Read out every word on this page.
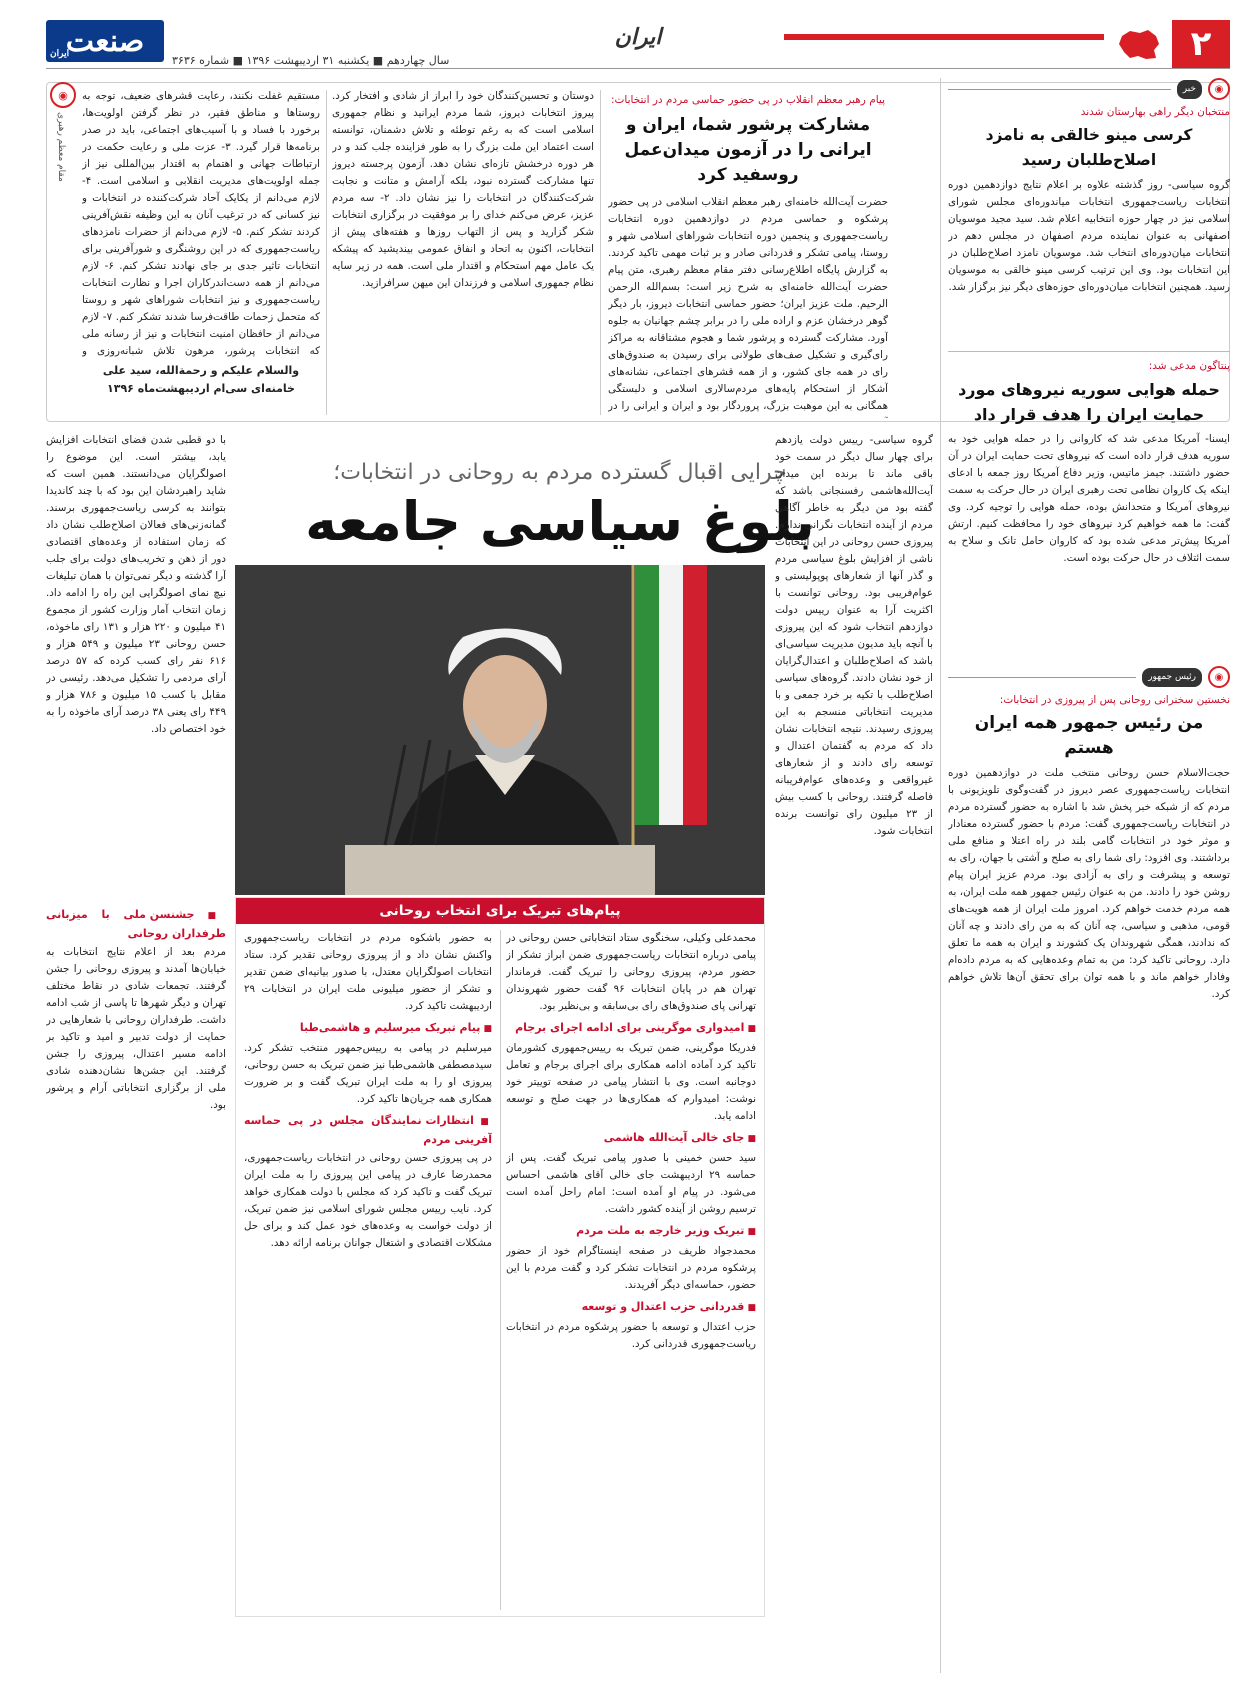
۲
ایران
صنعت
ایران	سال چهاردهم ■ یکشنبه ۳۱ اردیبهشت ۱۳۹۶ ■ شماره ۳۶۳۶
◉
مقام معظم رهبری
پیام رهبر معظم انقلاب در پی حضور حماسی مردم در انتخابات:
مشارکت پرشور شما، ایران و ایرانی را در آزمون میدان‌عمل روسفید کرد

حضرت آیت‌الله خامنه‌ای رهبر معظم انقلاب اسلامی در پی حضور پرشکوه و حماسی مردم در دوازدهمین دوره انتخابات ریاست‌جمهوری و پنجمین دوره انتخابات شوراهای اسلامی شهر و روستا، پیامی تشکر و قدردانی صادر و بر ثبات مهمی تاکید کردند. به گزارش پایگاه اطلاع‌رسانی دفتر مقام معظم رهبری، متن پیام حضرت آیت‌الله خامنه‌ای به شرح زیر است: بسم‌الله الرحمن الرحیم. ملت عزیز ایران؛ حضور حماسی انتخابات دیروز، بار دیگر گوهر درخشان عزم و اراده ملی را در برابر چشم جهانیان به جلوه آورد. مشارکت گسترده و پرشور شما و هجوم مشتاقانه به مراکز رای‌گیری و تشکیل صف‌های طولانی برای رسیدن به صندوق‌های رای در همه جای کشور، و از همه قشرهای اجتماعی، نشانه‌های آشکار از استحکام پایه‌های مردم‌سالاری اسلامی و دلبستگی همگانی به این موهبت بزرگ، پروردگار بود و ایران و ایرانی را در

دوستان و تحسین‌کنندگان خود را ابراز از شادی و افتخار کرد. پیروز انتخابات دیروز، شما مردم ایرانید و نظام جمهوری اسلامی است که به رغم توطئه و تلاش دشمنان، توانسته است اعتماد این ملت بزرگ را به طور فزاینده جلب کند و در هر دوره درخشش تازه‌ای نشان دهد. آزمون پرجسته دیروز تنها مشارکت گسترده نبود، بلکه آرامش و متانت و نجابت شرکت‌کنندگان در انتخابات را نیز نشان داد. ۲- سه مردم عزیز، عرض می‌کنم خدای را بر موفقیت در برگزاری انتخابات شکر گزارید و پس از التهاب روزها و هفته‌های پیش از انتخابات، اکنون به اتحاد و انفاق عمومی بیندیشید که پیشکه یک عامل مهم استحکام و اقتدار ملی است. همه در زیر سایه نظام جمهوری اسلامی و فرزندان این میهن سرافرازید.

مستقیم غفلت نکنند، رعایت قشرهای ضعیف، توجه به روستاها و مناطق فقیر، در نظر گرفتن اولویت‌ها، برخورد با فساد و با آسیب‌های اجتماعی، باید در صدر برنامه‌ها قرار گیرد. ۳- عزت ملی و رعایت حکمت در ارتباطات جهانی و اهتمام به اقتدار بین‌المللی نیز از جمله اولویت‌های مدیریت انقلابی و اسلامی است. ۴- لازم می‌دانم از یکایک آحاد شرکت‌کننده در انتخابات و نیز کسانی که در ترغیب آنان به این وظیفه نقش‌آفرینی کردند تشکر کنم. ۵- لازم می‌دانم از حضرات نامزدهای ریاست‌جمهوری که در این روشنگری و شورآفرینی برای انتخابات تاثیر جدی بر جای نهادند تشکر کنم. ۶- لازم می‌دانم از همه دست‌اندرکاران اجرا و نظارت انتخابات ریاست‌جمهوری و نیز انتخابات شوراهای شهر و روستا که متحمل زحمات طاقت‌فرسا شدند تشکر کنم. ۷- لازم می‌دانم از حافظان امنیت انتخابات و نیز از رسانه ملی که انتخابات پرشور، مرهون تلاش شبانه‌روزی و

والسلام علیکم و رحمة‌الله، سید علی خامنه‌ای سی‌ام اردیبهشت‌ماه ۱۳۹۶
◉
خبر
منتخبان دیگر راهی بهارستان شدند
کرسی مینو خالقی به نامزد اصلاح‌طلبان رسید

گروه سیاسی- روز گذشته علاوه بر اعلام نتایج دوازدهمین دوره انتخابات ریاست‌جمهوری انتخابات میاندوره‌ای مجلس شورای اسلامی نیز در چهار حوزه انتخابیه اعلام شد. سید مجید موسویان اصفهانی به عنوان نماینده مردم اصفهان در مجلس دهم در انتخابات میان‌دوره‌ای انتخاب شد. موسویان نامزد اصلاح‌طلبان در این انتخابات بود. وی این ترتیب کرسی مینو خالقی به موسویان رسید. همچنین انتخابات میان‌دوره‌ای حوزه‌های دیگر نیز برگزار شد.

پنتاگون مدعی شد:
حمله هوایی سوریه نیروهای مورد حمایت ایران را هدف قرار داد

ایسنا- آمریکا مدعی شد که کاروانی را در حمله هوایی خود به سوریه هدف قرار داده است که نیروهای تحت حمایت ایران در آن حضور داشتند. جیمز ماتیس، وزیر دفاع آمریکا روز جمعه با ادعای اینکه یک کاروان نظامی تحت رهبری ایران در حال حرکت به سمت نیروهای آمریکا و متحدانش بوده، حمله هوایی را توجیه کرد. وی گفت: ما همه خواهیم کرد نیروهای خود را محافظت کنیم. ارتش آمریکا پیش‌تر مدعی شده بود که کاروان حامل تانک و سلاح به سمت ائتلاف در حال حرکت بوده است.

◉
رئیس جمهور
نخستین سخنرانی روحانی پس از پیروزی در انتخابات:
من رئیس جمهور همه ایران هستم

حجت‌الاسلام حسن روحانی منتخب ملت در دوازدهمین دوره انتخابات ریاست‌جمهوری عصر دیروز در گفت‌وگوی تلویزیونی با مردم که از شبکه خبر پخش شد با اشاره به حضور گسترده مردم در انتخابات ریاست‌جمهوری گفت: مردم با حضور گسترده معنادار و موثر خود در انتخابات گامی بلند در راه اعتلا و منافع ملی برداشتند. وی افزود: رای شما رای به صلح و آشتی با جهان، رای به توسعه و پیشرفت و رای به آزادی بود. مردم عزیز ایران پیام روشن خود را دادند. من به عنوان رئیس جمهور همه ملت ایران، به همه مردم خدمت خواهم کرد. امروز ملت ایران از همه هویت‌های قومی، مذهبی و سیاسی، چه آنان که به من رای دادند و چه آنان که ندادند، همگی شهروندان یک کشورند و ایران به همه ما تعلق دارد. روحانی تاکید کرد: من به تمام وعده‌هایی که به مردم داده‌ام وفادار خواهم ماند و با همه توان برای تحقق آن‌ها تلاش خواهم کرد.

چرایی اقبال گسترده مردم به روحانی در انتخابات؛
بلوغ سیاسی جامعه

گروه سیاسی- رییس دولت یازدهم برای چهار سال دیگر در سمت خود باقی ماند تا برنده این میدان آیت‌الله‌هاشمی رفسنجانی باشد که گفته بود من دیگر به خاطر آگاهی مردم از آینده انتخابات نگرانی ندارم. پیروزی حسن روحانی در این انتخابات ناشی از افزایش بلوغ سیاسی مردم و گذر آنها از شعارهای پوپولیستی و عوام‌فریبی بود. روحانی توانست با اکثریت آرا به عنوان رییس دولت دوازدهم انتخاب شود که این پیروزی با آنچه باید مدیون مدیریت سیاسی‌ای باشد که اصلاح‌طلبان و اعتدال‌گرایان از خود نشان دادند. گروه‌های سیاسی اصلاح‌طلب با تکیه بر خرد جمعی و با مدیریت انتخاباتی منسجم به این پیروزی رسیدند. نتیجه انتخابات نشان داد که مردم به گفتمان اعتدال و توسعه رای دادند و از شعارهای غیرواقعی و وعده‌های عوام‌فریبانه فاصله گرفتند. روحانی با کسب بیش از ۲۳ میلیون رای توانست برنده انتخابات شود.

با دو قطبی شدن فضای انتخابات افزایش یابد، بیشتر است. این موضوع را اصولگرایان می‌دانستند. همین است که شاید راهبردشان این بود که با چند کاندیدا بتوانند به کرسی ریاست‌جمهوری برسند. گمانه‌زنی‌های فعالان اصلاح‌طلب نشان داد که زمان استفاده از وعده‌های اقتصادی دور از ذهن و تخریب‌های دولت برای جلب آرا گذشته و دیگر نمی‌توان با همان تبلیغات نیچ نمای اصولگرایی این راه را ادامه داد. زمان انتخاب آمار وزارت کشور از مجموع ۴۱ میلیون و ۲۲۰ هزار و ۱۳۱ رای ماخوذه، حسن روحانی ۲۳ میلیون و ۵۴۹ هزار و ۶۱۶ نفر رای کسب کرده که ۵۷ درصد آرای مردمی را تشکیل می‌دهد. رئیسی در مقابل با کسب ۱۵ میلیون و ۷۸۶ هزار و ۴۴۹ رای یعنی ۳۸ درصد آرای ماخوذه را به خود اختصاص داد.

■ جشنسن ملی با میزبانی طرفداران روحانی

مردم بعد از اعلام نتایج انتخابات به خیابان‌ها آمدند و پیروزی روحانی را جشن گرفتند. تجمعات شادی در نقاط مختلف تهران و دیگر شهرها تا پاسی از شب ادامه داشت. طرفداران روحانی با شعارهایی در حمایت از دولت تدبیر و امید و تاکید بر ادامه مسیر اعتدال، پیروزی را جشن گرفتند. این جشن‌ها نشان‌دهنده شادی ملی از برگزاری انتخاباتی آرام و پرشور بود.

پیام‌های تبریک برای انتخاب روحانی

محمدعلی وکیلی، سخنگوی ستاد انتخاباتی حسن روحانی در پیامی درباره انتخابات ریاست‌جمهوری ضمن ابراز تشکر از حضور مردم، پیروزی روحانی را تبریک گفت. فرماندار تهران هم در پایان انتخابات ۹۶ گفت حضور شهروندان تهرانی پای صندوق‌های رای بی‌سابقه و بی‌نظیر بود.

■ امیدواری موگرینی برای ادامه اجرای برجام

فدریکا موگرینی، ضمن تبریک به رییس‌جمهوری کشورمان تاکید کرد آماده ادامه همکاری برای اجرای برجام و تعامل دوجانبه است. وی با انتشار پیامی در صفحه توییتر خود نوشت: امیدوارم که همکاری‌ها در جهت صلح و توسعه ادامه یابد.

■ جای خالی آیت‌الله هاشمی

سید حسن خمینی با صدور پیامی تبریک گفت. پس از حماسه ۲۹ اردیبهشت جای خالی آقای هاشمی احساس می‌شود. در پیام او آمده است: امام راحل آمده است ترسیم روشن از آینده کشور داشت.

■ تبریک وزیر خارجه به ملت مردم

محمدجواد ظریف در صفحه اینستاگرام خود از حضور پرشکوه مردم در انتخابات تشکر کرد و گفت مردم با این حضور، حماسه‌ای دیگر آفریدند.

■ قدردانی حزب اعتدال و توسعه

حزب اعتدال و توسعه با حضور پرشکوه مردم در انتخابات ریاست‌جمهوری قدردانی کرد.

به حضور باشکوه مردم در انتخابات ریاست‌جمهوری واکنش نشان داد و از پیروزی روحانی تقدیر کرد. ستاد انتخابات اصولگرایان معتدل، با صدور بیانیه‌ای ضمن تقدیر و تشکر از حضور میلیونی ملت ایران در انتخابات ۲۹ اردیبهشت تاکید کرد.

■ پیام تبریک میرسلیم و هاشمی‌طبا

میرسلیم در پیامی به رییس‌جمهور منتخب تشکر کرد. سیدمصطفی هاشمی‌طبا نیز ضمن تبریک به حسن روحانی، پیروزی او را به ملت ایران تبریک گفت و بر ضرورت همکاری همه جریان‌ها تاکید کرد.

■ انتظارات نمایندگان مجلس در پی حماسه آفرینی مردم

در پی پیروزی حسن روحانی در انتخابات ریاست‌جمهوری، محمدرضا عارف در پیامی این پیروزی را به ملت ایران تبریک گفت و تاکید کرد که مجلس با دولت همکاری خواهد کرد. نایب رییس مجلس شورای اسلامی نیز ضمن تبریک، از دولت خواست به وعده‌های خود عمل کند و برای حل مشکلات اقتصادی و اشتغال جوانان برنامه ارائه دهد.
